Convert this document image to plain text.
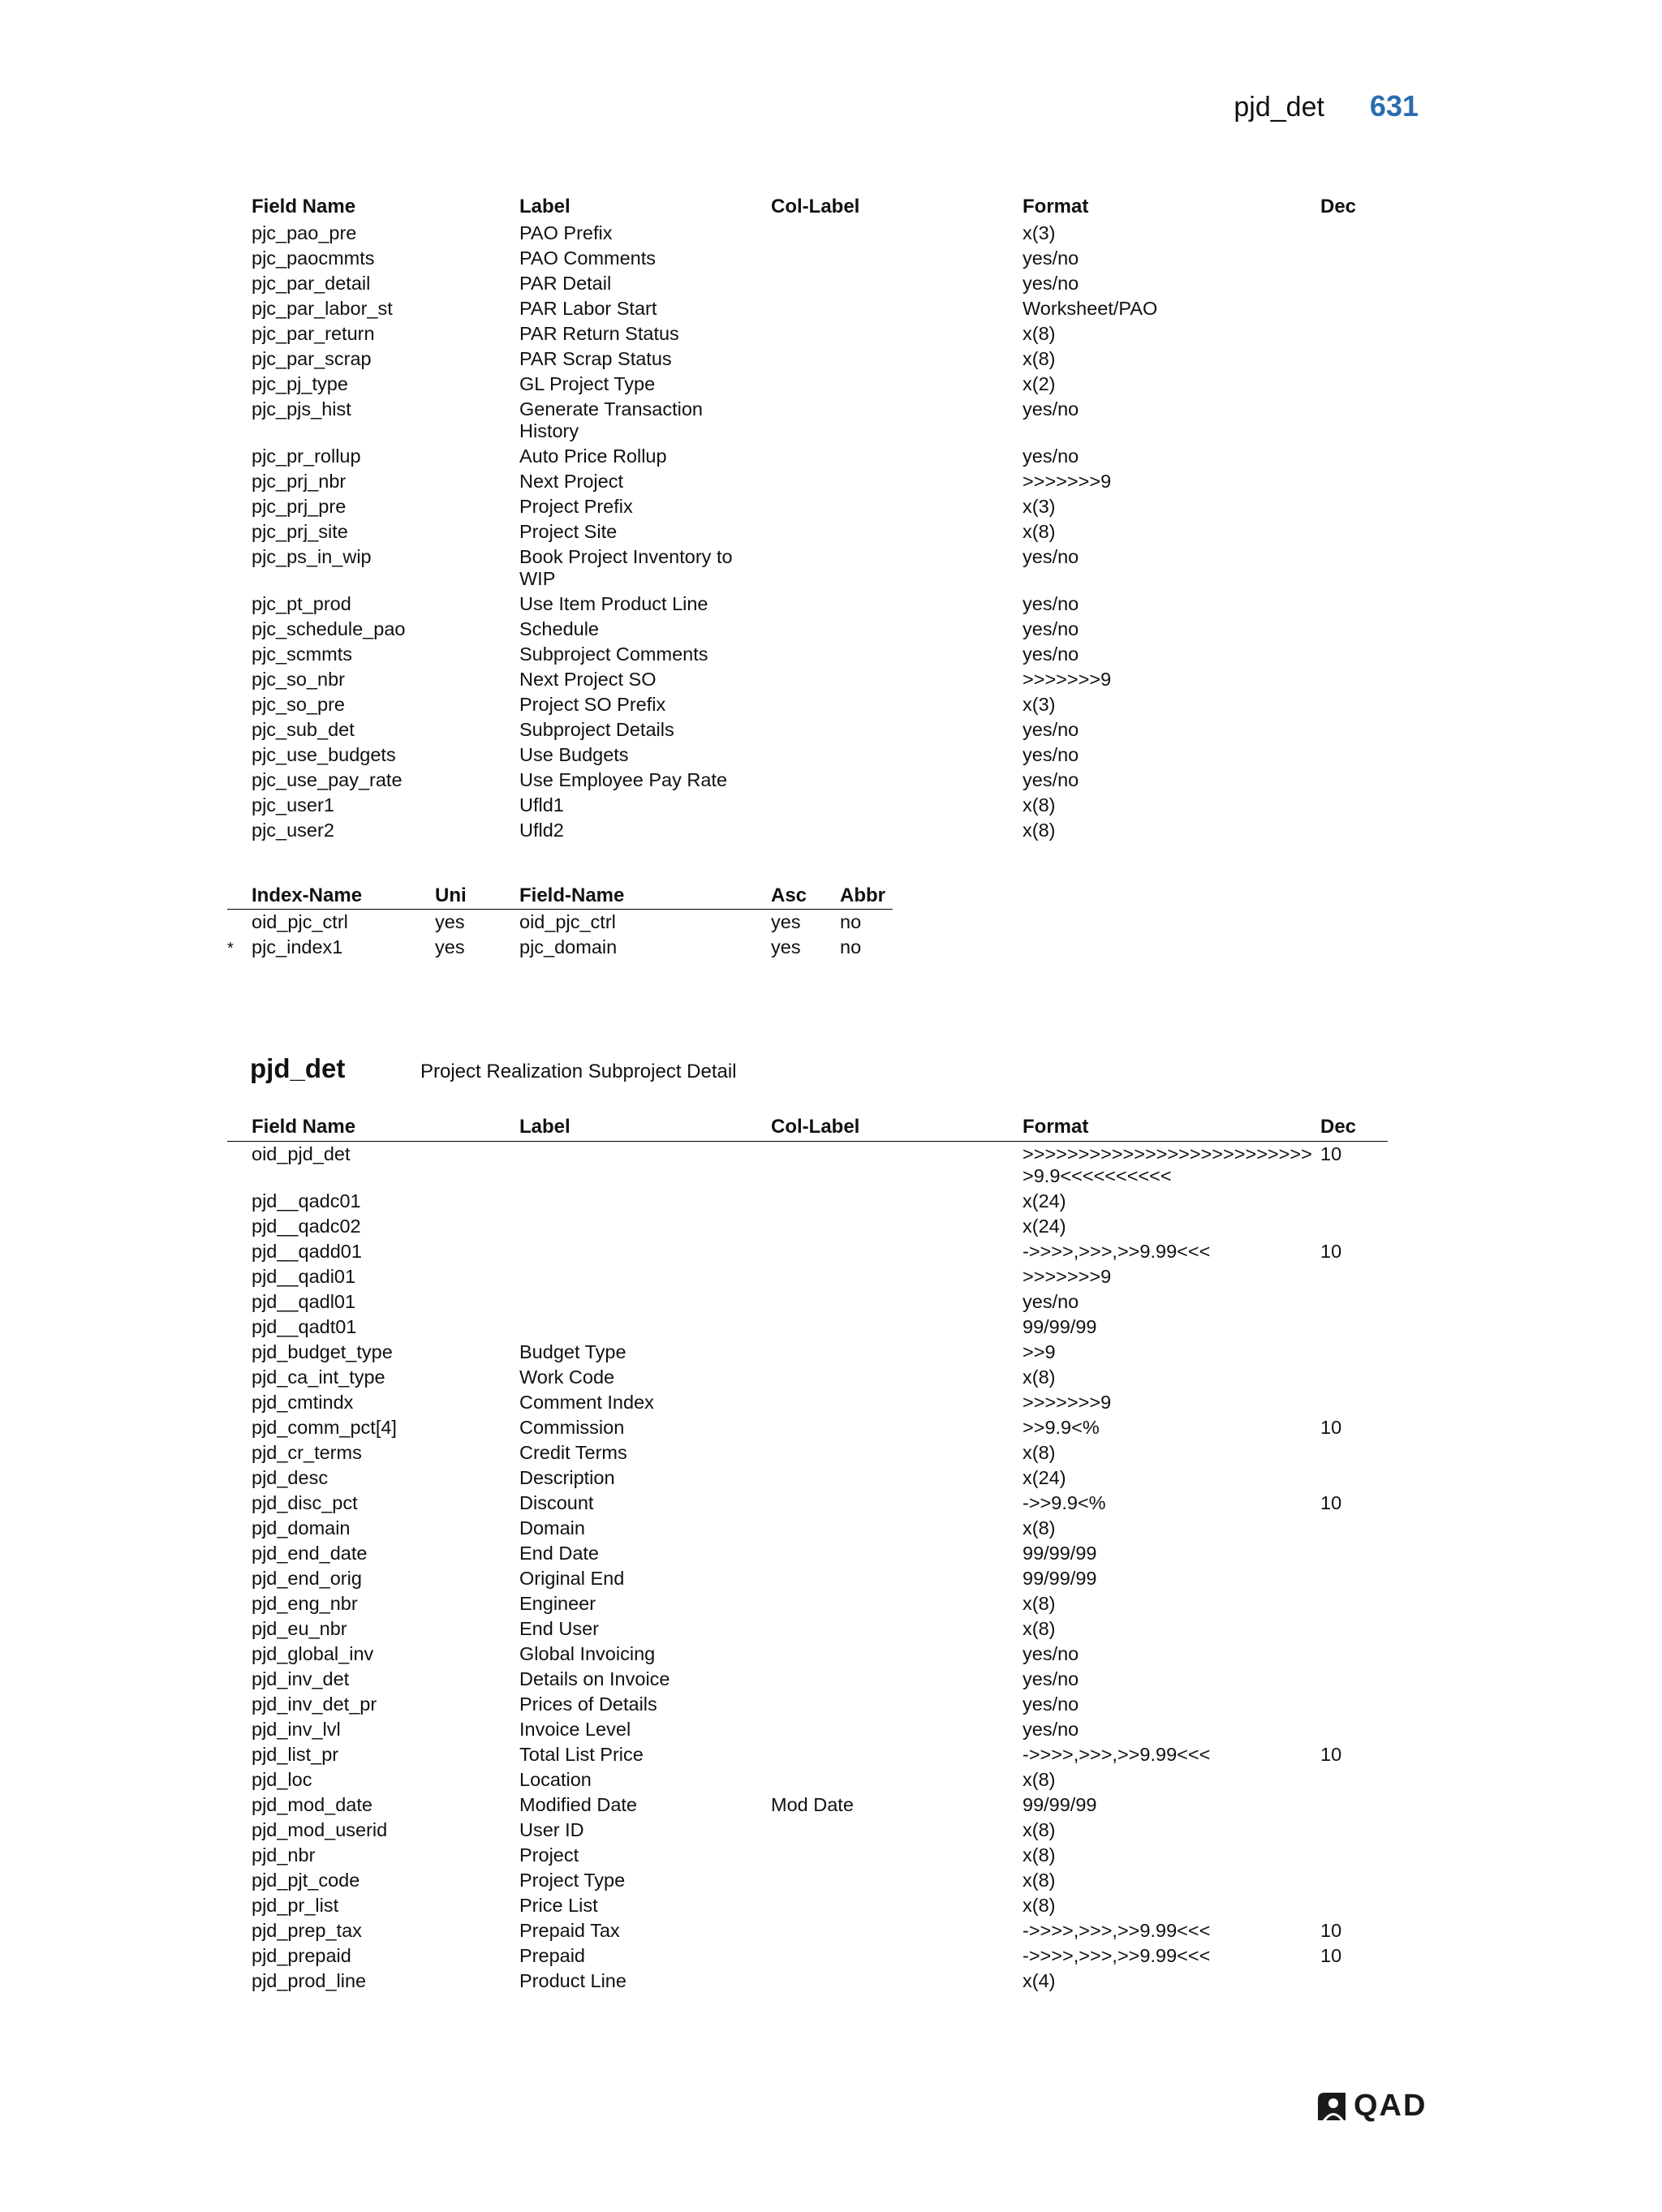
pjd_det 631
Field Name	Label	Col-Label	Format	Dec
pjc_pao_pre	PAO Prefix		x(3)	
pjc_paocmmts	PAO Comments		yes/no	
pjc_par_detail	PAR Detail		yes/no	
pjc_par_labor_st	PAR Labor Start		Worksheet/PAO	
pjc_par_return	PAR Return Status		x(8)	
pjc_par_scrap	PAR Scrap Status		x(8)	
pjc_pj_type	GL Project Type		x(2)	
pjc_pjs_hist	Generate Transaction History		yes/no	
pjc_pr_rollup	Auto Price Rollup		yes/no	
pjc_prj_nbr	Next Project		>>>>>>>9	
pjc_prj_pre	Project Prefix		x(3)	
pjc_prj_site	Project Site		x(8)	
pjc_ps_in_wip	Book Project Inventory to WIP		yes/no	
pjc_pt_prod	Use Item Product Line		yes/no	
pjc_schedule_pao	Schedule		yes/no	
pjc_scmmts	Subproject Comments		yes/no	
pjc_so_nbr	Next Project SO		>>>>>>>9	
pjc_so_pre	Project SO Prefix		x(3)	
pjc_sub_det	Subproject Details		yes/no	
pjc_use_budgets	Use Budgets		yes/no	
pjc_use_pay_rate	Use Employee Pay Rate		yes/no	
pjc_user1	Ufld1		x(8)	
pjc_user2	Ufld2		x(8)	
Index-Name	Uni	Field-Name	Asc	Abbr
oid_pjc_ctrl	yes	oid_pjc_ctrl	yes	no

* pjc_index1	yes	pjc_domain	yes	no
pjd_det	Project Realization Subproject Detail
Field Name	Label	Col-Label	Format	Dec
oid_pjd_det			>>>>>>>>>>>>>>>>>>>>>>>>>>>9.9<<<<<<<<<<	10
pjd__qadc01			x(24)	
pjd__qadc02			x(24)	
pjd__qadd01			->>>>,>>>,>>9.99<<<	10
pjd__qadi01			>>>>>>>9	
pjd__qadl01			yes/no	
pjd__qadt01			99/99/99	
pjd_budget_type	Budget Type		>>9	
pjd_ca_int_type	Work Code		x(8)	
pjd_cmtindx	Comment Index		>>>>>>>9	
pjd_comm_pct[4]	Commission		>>9.9<%	10
pjd_cr_terms	Credit Terms		x(8)	
pjd_desc	Description		x(24)	
pjd_disc_pct	Discount		->>9.9<%	10
pjd_domain	Domain		x(8)	
pjd_end_date	End Date		99/99/99	
pjd_end_orig	Original End		99/99/99	
pjd_eng_nbr	Engineer		x(8)	
pjd_eu_nbr	End User		x(8)	
pjd_global_inv	Global Invoicing		yes/no	
pjd_inv_det	Details on Invoice		yes/no	
pjd_inv_det_pr	Prices of Details		yes/no	
pjd_inv_lvl	Invoice Level		yes/no	
pjd_list_pr	Total List Price		->>>>,>>>,>>9.99<<<	10
pjd_loc	Location		x(8)	
pjd_mod_date	Modified Date	Mod Date	99/99/99	
pjd_mod_userid	User ID		x(8)	
pjd_nbr	Project		x(8)	
pjd_pjt_code	Project Type		x(8)	
pjd_pr_list	Price List		x(8)	
pjd_prep_tax	Prepaid Tax		->>>>,>>>,>>9.99<<<	10
pjd_prepaid	Prepaid		->>>>,>>>,>>9.99<<<	10
pjd_prod_line	Product Line		x(4)	
QAD
